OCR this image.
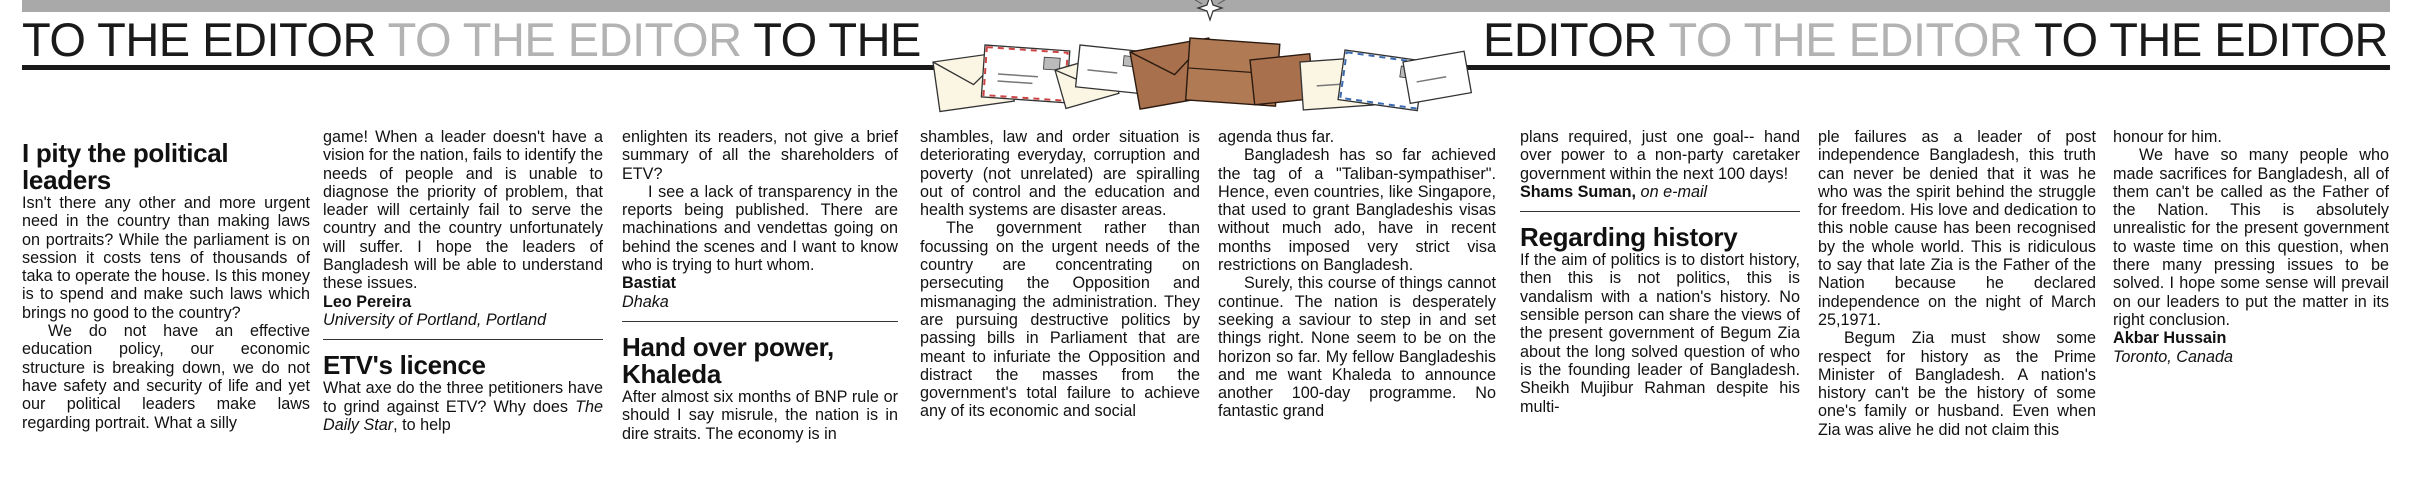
TO THE EDITOR TO THE EDITOR TO THE	EDITOR TO THE EDITOR TO THE EDITOR
I pity the political leaders

Isn't there any other and more urgent need in the country than making laws on portraits? While the parliament is on session it costs tens of thousands of taka to operate the house. Is this money is to spend and make such laws which brings no good to the country?

We do not have an effective education policy, our economic structure is breaking down, we do not have safety and security of life and yet our political leaders make laws regarding portrait. What a silly

game! When a leader doesn't have a vision for the nation, fails to identify the needs of people and is unable to diagnose the priority of problem, that leader will certainly fail to serve the country and the country unfortunately will suffer. I hope the leaders of Bangladesh will be able to understand these issues.

Leo Pereira
University of Portland, Portland
ETV's licence

What axe do the three petitioners have to grind against ETV? Why does The Daily Star, to help

enlighten its readers, not give a brief summary of all the shareholders of ETV?

I see a lack of transparency in the reports being published. There are machinations and vendettas going on behind the scenes and I want to know who is trying to hurt whom.

Bastiat
Dhaka
Hand over power, Khaleda

After almost six months of BNP rule or should I say misrule, the nation is in dire straits. The economy is in

shambles, law and order situation is deteriorating everyday, corruption and poverty (not unrelated) are spiralling out of control and the education and health systems are disaster areas.

The government rather than focussing on the urgent needs of the country are concentrating on persecuting the Opposition and mismanaging the administration. They are pursuing destructive politics by passing bills in Parliament that are meant to infuriate the Opposition and distract the masses from the government's total failure to achieve any of its economic and social

agenda thus far.

Bangladesh has so far achieved the tag of a "Taliban-sympathiser". Hence, even countries, like Singapore, that used to grant Bangladeshis visas without much ado, have in recent months imposed very strict visa restrictions on Bangladesh.

Surely, this course of things cannot continue. The nation is desperately seeking a saviour to step in and set things right. None seem to be on the horizon so far. My fellow Bangladeshis and me want Khaleda to announce another 100-day programme. No fantastic grand

plans required, just one goal-- hand over power to a non-party caretaker government within the next 100 days!

Shams Suman, on e-mail
Regarding history

If the aim of politics is to distort history, then this is not politics, this is vandalism with a nation's history. No sensible person can share the views of the present government of Begum Zia about the long solved question of who is the founding leader of Bangladesh. Sheikh Mujibur Rahman despite his multi-

ple failures as a leader of post independence Bangladesh, this truth can never be denied that it was he who was the spirit behind the struggle for freedom. His love and dedication to this noble cause has been recognised by the whole world. This is ridiculous to say that late Zia is the Father of the Nation because he declared independence on the night of March 25,1971.

Begum Zia must show some respect for history as the Prime Minister of Bangladesh. A nation's history can't be the history of some one's family or husband. Even when Zia was alive he did not claim this

honour for him.

We have so many people who made sacrifices for Bangladesh, all of them can't be called as the Father of the Nation. This is absolutely unrealistic for the present government to waste time on this question, when there many pressing issues to be solved. I hope some sense will prevail on our leaders to put the matter in its right conclusion.

Akbar Hussain
Toronto, Canada
